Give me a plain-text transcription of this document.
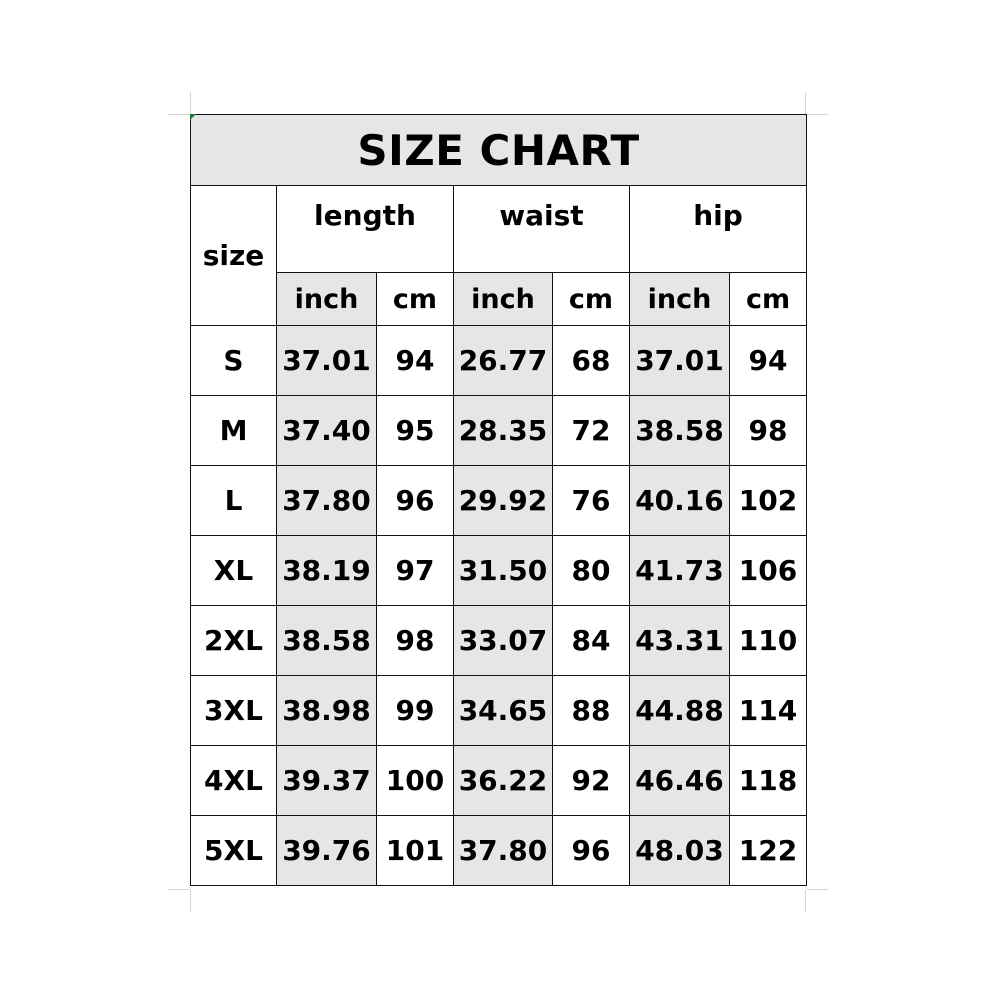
SIZE CHART						
size	length		waist		hip	
	inch	cm	inch	cm	inch	cm
S	37.01	94	26.77	68	37.01	94
M	37.40	95	28.35	72	38.58	98
L	37.80	96	29.92	76	40.16	102
XL	38.19	97	31.50	80	41.73	106
2XL	38.58	98	33.07	84	43.31	110
3XL	38.98	99	34.65	88	44.88	114
4XL	39.37	100	36.22	92	46.46	118
5XL	39.76	101	37.80	96	48.03	122
